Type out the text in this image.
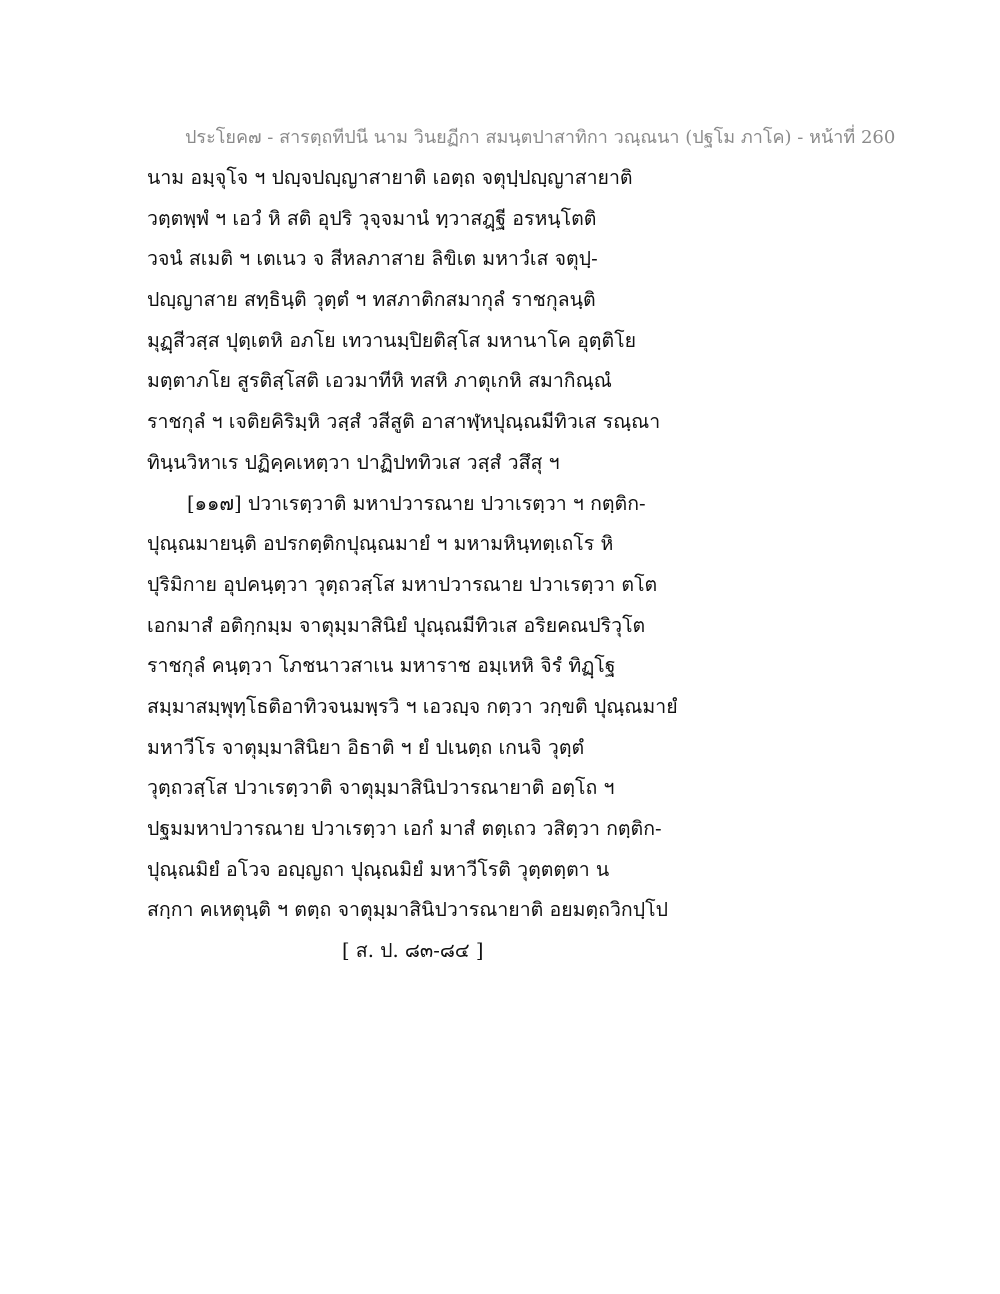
ประโยค๗ - สารตฺถทีปนี นาม วินยฏีกา สมนฺตปาสาทิกา วณฺณนา (ปฐโม ภาโค) - หน้าที่ 260
นาม อมฺจุโจ ฯ ปญฺจปญฺญาสายาติ เอตฺถ จตุปฺปญฺญาสายาติ
วตฺตพฺพํ ฯ เอวํ หิ สติ อุปริ วุจฺจมานํ ทฺวาสฎฺฐี อรหนฺโตติ
วจนํ สเมติ ฯ เตเนว จ สีหลภาสาย ลิขิเต มหาวํเส จตุปฺ-
ปญฺญาสาย สทฺธินฺติ วุตฺตํ ฯ ทสภาติกสมากุลํ ราชกุลนฺติ
มุฏฺสีวสฺส ปุตฺเตหิ อภโย เทวานมฺปิยติสฺโส มหานาโค อุตฺติโย
มตฺตาภโย สูรติสฺโสติ เอวมาทีหิ ทสหิ ภาตุเกหิ สมากิณฺณํ
ราชกุลํ ฯ เจติยคิริมฺหิ วสฺสํ วสีสูติ อาสาฬฺหปุณฺณมีทิวเส รณฺณา
ทินฺนวิหาเร ปฏิคฺคเหตฺวา ปาฏิปททิวเส วสฺสํ วสึสุ ฯ
[๑๑๗] ปวาเรตฺวาติ มหาปวารณาย ปวาเรตฺวา ฯ กตฺติก-
ปุณฺณมายนฺติ อปรกตฺติกปุณฺณมายํ ฯ มหามหินฺทตฺเถโร หิ
ปุริมิกาย อุปคนฺตฺวา วุตฺถวสฺโส มหาปวารณาย ปวาเรตฺวา ตโต
เอกมาสํ อติกฺกมฺม จาตุมฺมาสินิยํ ปุณฺณมีทิวเส อริยคณปริวุโต
ราชกุลํ คนฺตฺวา โภชนาวสาเน มหาราช อมฺเหหิ จิรํ ทิฏฺโฐ
สมฺมาสมฺพุทฺโธติอาทิวจนมพฺรวิ ฯ เอวญฺจ กตฺวา วกฺขติ ปุณฺณมายํ
มหาวีโร จาตุมฺมาสินิยา อิธาติ ฯ ยํ ปเนตฺถ เกนจิ วุตฺตํ
วุตฺถวสฺโส ปวาเรตฺวาติ จาตุมฺมาสินิปวารณายาติ อตฺโถ ฯ
ปฐมมหาปวารณาย ปวาเรตฺวา เอกํ มาสํ ตตฺเถว วสิตฺวา กตฺติก-
ปุณฺณมิยํ อโวจ อญฺญถา ปุณฺณมิยํ มหาวีโรติ วุตฺตตฺตา น
สกฺกา คเหตุนฺติ ฯ ตตฺถ จาตุมฺมาสินิปวารณายาติ อยมตฺถวิกปฺโป
[ ส. ป. ๘๓-๘๔ ]
